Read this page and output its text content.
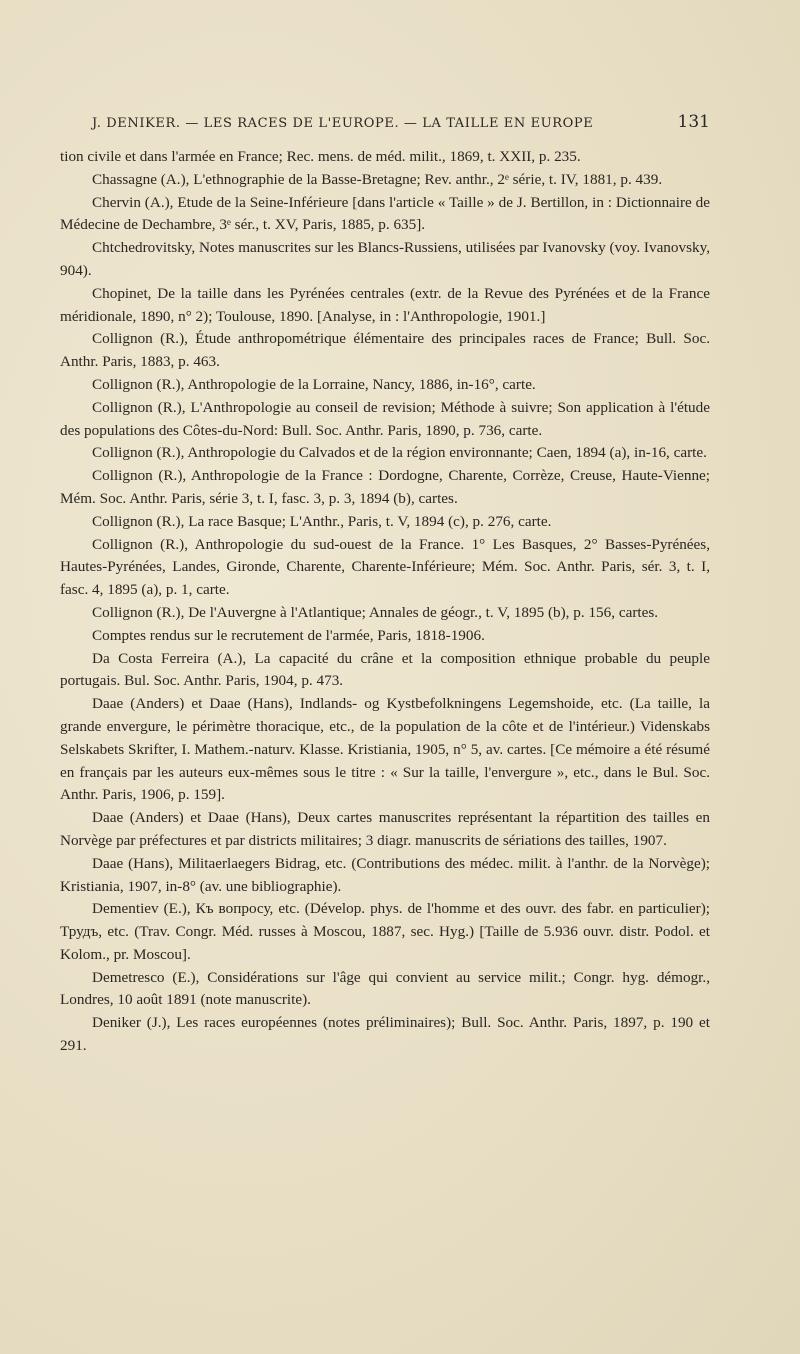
J. DENIKER. — LES RACES DE L'EUROPE. — LA TAILLE EN EUROPE	131

tion civile et dans l'armée en France; Rec. mens. de méd. milit., 1869, t. XXII, p. 235.

Chassagne (A.), L'ethnographie de la Basse-Bretagne; Rev. anthr., 2ᵉ série, t. IV, 1881, p. 439.

Chervin (A.), Etude de la Seine-Inférieure [dans l'article « Taille » de J. Bertillon, in : Dictionnaire de Médecine de Dechambre, 3ᵉ sér., t. XV, Paris, 1885, p. 635].

Chtchedrovitsky, Notes manuscrites sur les Blancs-Russiens, utilisées par Ivanovsky (voy. Ivanovsky, 904).

Chopinet, De la taille dans les Pyrénées centrales (extr. de la Revue des Pyrénées et de la France méridionale, 1890, n° 2); Toulouse, 1890. [Analyse, in : l'Anthropologie, 1901.]

Collignon (R.), Étude anthropométrique élémentaire des principales races de France; Bull. Soc. Anthr. Paris, 1883, p. 463.

Collignon (R.), Anthropologie de la Lorraine, Nancy, 1886, in-16°, carte.

Collignon (R.), L'Anthropologie au conseil de revision; Méthode à suivre; Son application à l'étude des populations des Côtes-du-Nord: Bull. Soc. Anthr. Paris, 1890, p. 736, carte.

Collignon (R.), Anthropologie du Calvados et de la région environnante; Caen, 1894 (a), in-16, carte.

Collignon (R.), Anthropologie de la France : Dordogne, Charente, Corrèze, Creuse, Haute-Vienne; Mém. Soc. Anthr. Paris, série 3, t. I, fasc. 3, p. 3, 1894 (b), cartes.

Collignon (R.), La race Basque; L'Anthr., Paris, t. V, 1894 (c), p. 276, carte.

Collignon (R.), Anthropologie du sud-ouest de la France. 1° Les Basques, 2° Basses-Pyrénées, Hautes-Pyrénées, Landes, Gironde, Charente, Charente-Inférieure; Mém. Soc. Anthr. Paris, sér. 3, t. I, fasc. 4, 1895 (a), p. 1, carte.

Collignon (R.), De l'Auvergne à l'Atlantique; Annales de géogr., t. V, 1895 (b), p. 156, cartes.

Comptes rendus sur le recrutement de l'armée, Paris, 1818-1906.

Da Costa Ferreira (A.), La capacité du crâne et la composition ethnique probable du peuple portugais. Bul. Soc. Anthr. Paris, 1904, p. 473.

Daae (Anders) et Daae (Hans), Indlands- og Kystbefolkningens Legemshoide, etc. (La taille, la grande envergure, le périmètre thoracique, etc., de la population de la côte et de l'intérieur.) Videnskabs Selskabets Skrifter, I. Mathem.-naturv. Klasse. Kristiania, 1905, n° 5, av. cartes. [Ce mémoire a été résumé en français par les auteurs eux-mêmes sous le titre : « Sur la taille, l'envergure », etc., dans le Bul. Soc. Anthr. Paris, 1906, p. 159].

Daae (Anders) et Daae (Hans), Deux cartes manuscrites représentant la répartition des tailles en Norvège par préfectures et par districts militaires; 3 diagr. manuscrits de sériations des tailles, 1907.

Daae (Hans), Militaerlaegers Bidrag, etc. (Contributions des médec. milit. à l'anthr. de la Norvège); Kristiania, 1907, in-8° (av. une bibliographie).

Dementiev (E.), Къ вопросу, etc. (Dévelop. phys. de l'homme et des ouvr. des fabr. en particulier); Трудъ, etc. (Trav. Congr. Méd. russes à Moscou, 1887, sec. Hyg.) [Taille de 5.936 ouvr. distr. Podol. et Kolom., pr. Moscou].

Demetresco (E.), Considérations sur l'âge qui convient au service milit.; Congr. hyg. démogr., Londres, 10 août 1891 (note manuscrite).

Deniker (J.), Les races européennes (notes préliminaires); Bull. Soc. Anthr. Paris, 1897, p. 190 et 291.
